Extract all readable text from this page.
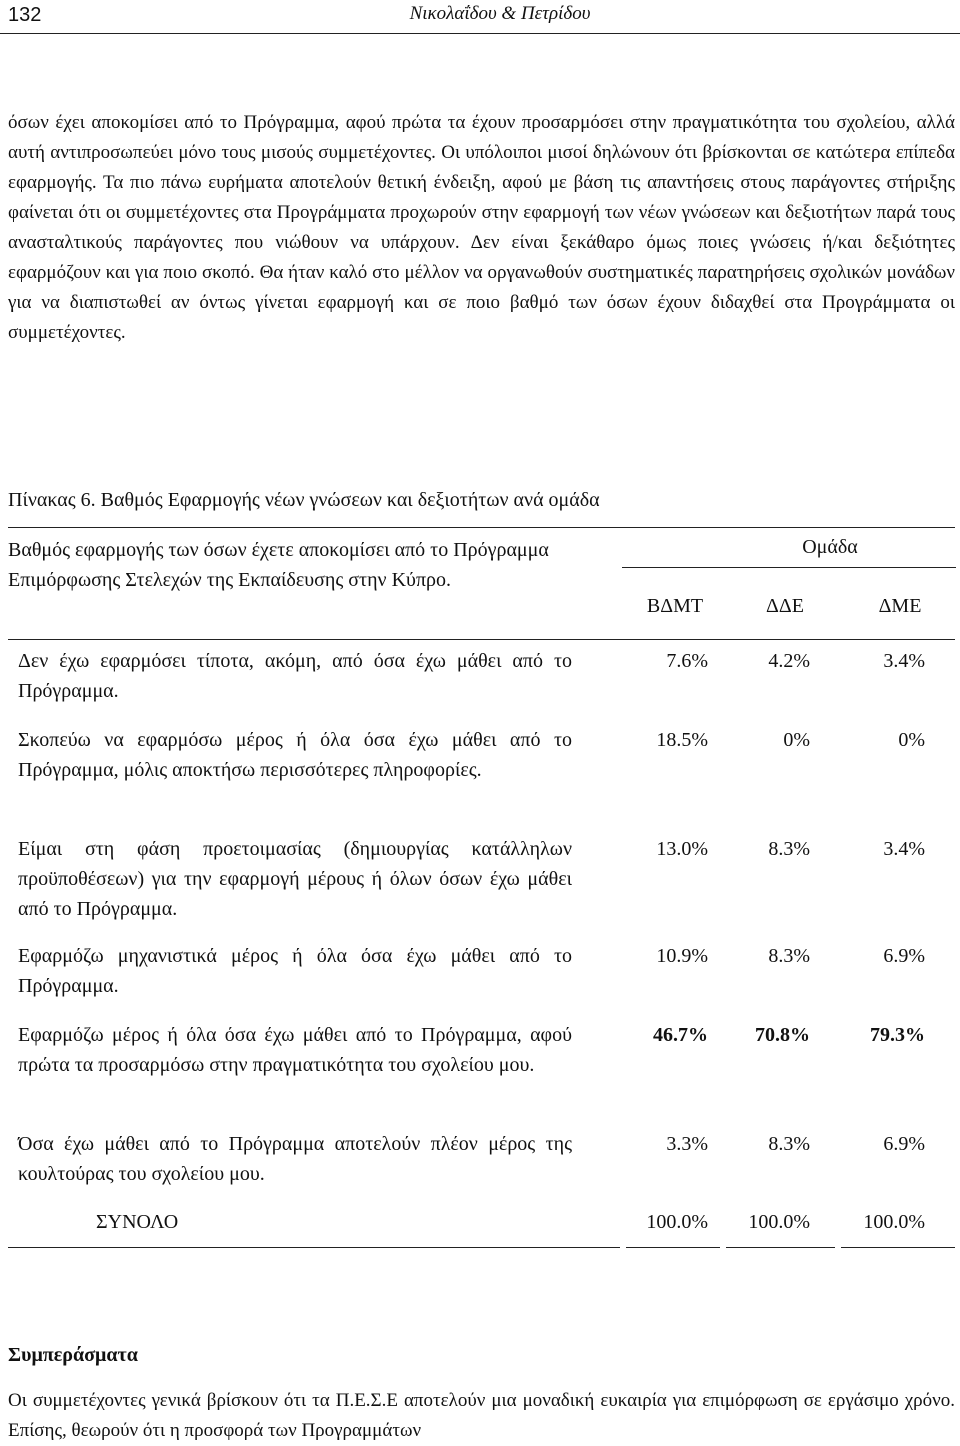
132	Νικολαΐδου & Πετρίδου
όσων έχει αποκομίσει από το Πρόγραμμα, αφού πρώτα τα έχουν προσαρμόσει στην πραγματικότητα του σχολείου, αλλά αυτή αντιπροσωπεύει μόνο τους μισούς συμμετέχοντες. Οι υπόλοιποι μισοί δηλώνουν ότι βρίσκονται σε κατώτερα επίπεδα εφαρμογής. Τα πιο πάνω ευρήματα αποτελούν θετική ένδειξη, αφού με βάση τις απαντήσεις στους παράγοντες στήριξης φαίνεται ότι οι συμμετέχοντες στα Προγράμματα προχωρούν στην εφαρμογή των νέων γνώσεων και δεξιοτήτων παρά τους ανασταλτικούς παράγοντες που νιώθουν να υπάρχουν. Δεν είναι ξεκάθαρο όμως ποιες γνώσεις ή/και δεξιότητες εφαρμόζουν και για ποιο σκοπό. Θα ήταν καλό στο μέλλον να οργανωθούν συστηματικές παρατηρήσεις σχολικών μονάδων για να διαπιστωθεί αν όντως γίνεται εφαρμογή και σε ποιο βαθμό των όσων έχουν διδαχθεί στα Προγράμματα οι συμμετέχοντες.
Πίνακας 6. Βαθμός Εφαρμογής νέων γνώσεων και δεξιοτήτων ανά ομάδα
Βαθμός εφαρμογής των όσων έχετε αποκομίσει από το Πρόγραμμα Επιμόρφωσης Στελεχών της Εκπαίδευσης στην Κύπρο.
Ομάδα
ΒΔΜΤ	ΔΔΕ	ΔΜΕ
Δεν έχω εφαρμόσει τίποτα, ακόμη, από όσα έχω μάθει από το Πρόγραμμα.
7.6%	4.2%	3.4%
Σκοπεύω να εφαρμόσω μέρος ή όλα όσα έχω μάθει από το Πρόγραμμα, μόλις αποκτήσω περισσότερες πληροφορίες.
18.5%	0%	0%
Είμαι στη φάση προετοιμασίας (δημιουργίας κατάλληλων προϋποθέσεων) για την εφαρμογή μέρους ή όλων όσων έχω μάθει από το Πρόγραμμα.
13.0%	8.3%	3.4%
Εφαρμόζω μηχανιστικά μέρος ή όλα όσα έχω μάθει από το Πρόγραμμα.
10.9%	8.3%	6.9%
Εφαρμόζω μέρος ή όλα όσα έχω μάθει από το Πρόγραμμα, αφού πρώτα τα προσαρμόσω στην πραγματικότητα του σχολείου μου.
46.7%	70.8%	79.3%
Όσα έχω μάθει από το Πρόγραμμα αποτελούν πλέον μέρος της κουλτούρας του σχολείου μου.
3.3%	8.3%	6.9%
ΣΥΝΟΛΟ	100.0%	100.0%	100.0%
Συμπεράσματα
Οι συμμετέχοντες γενικά βρίσκουν ότι τα Π.Ε.Σ.Ε αποτελούν μια μοναδική ευκαιρία για επιμόρφωση σε εργάσιμο χρόνο. Επίσης, θεωρούν ότι η προσφορά των Προγραμμάτων
